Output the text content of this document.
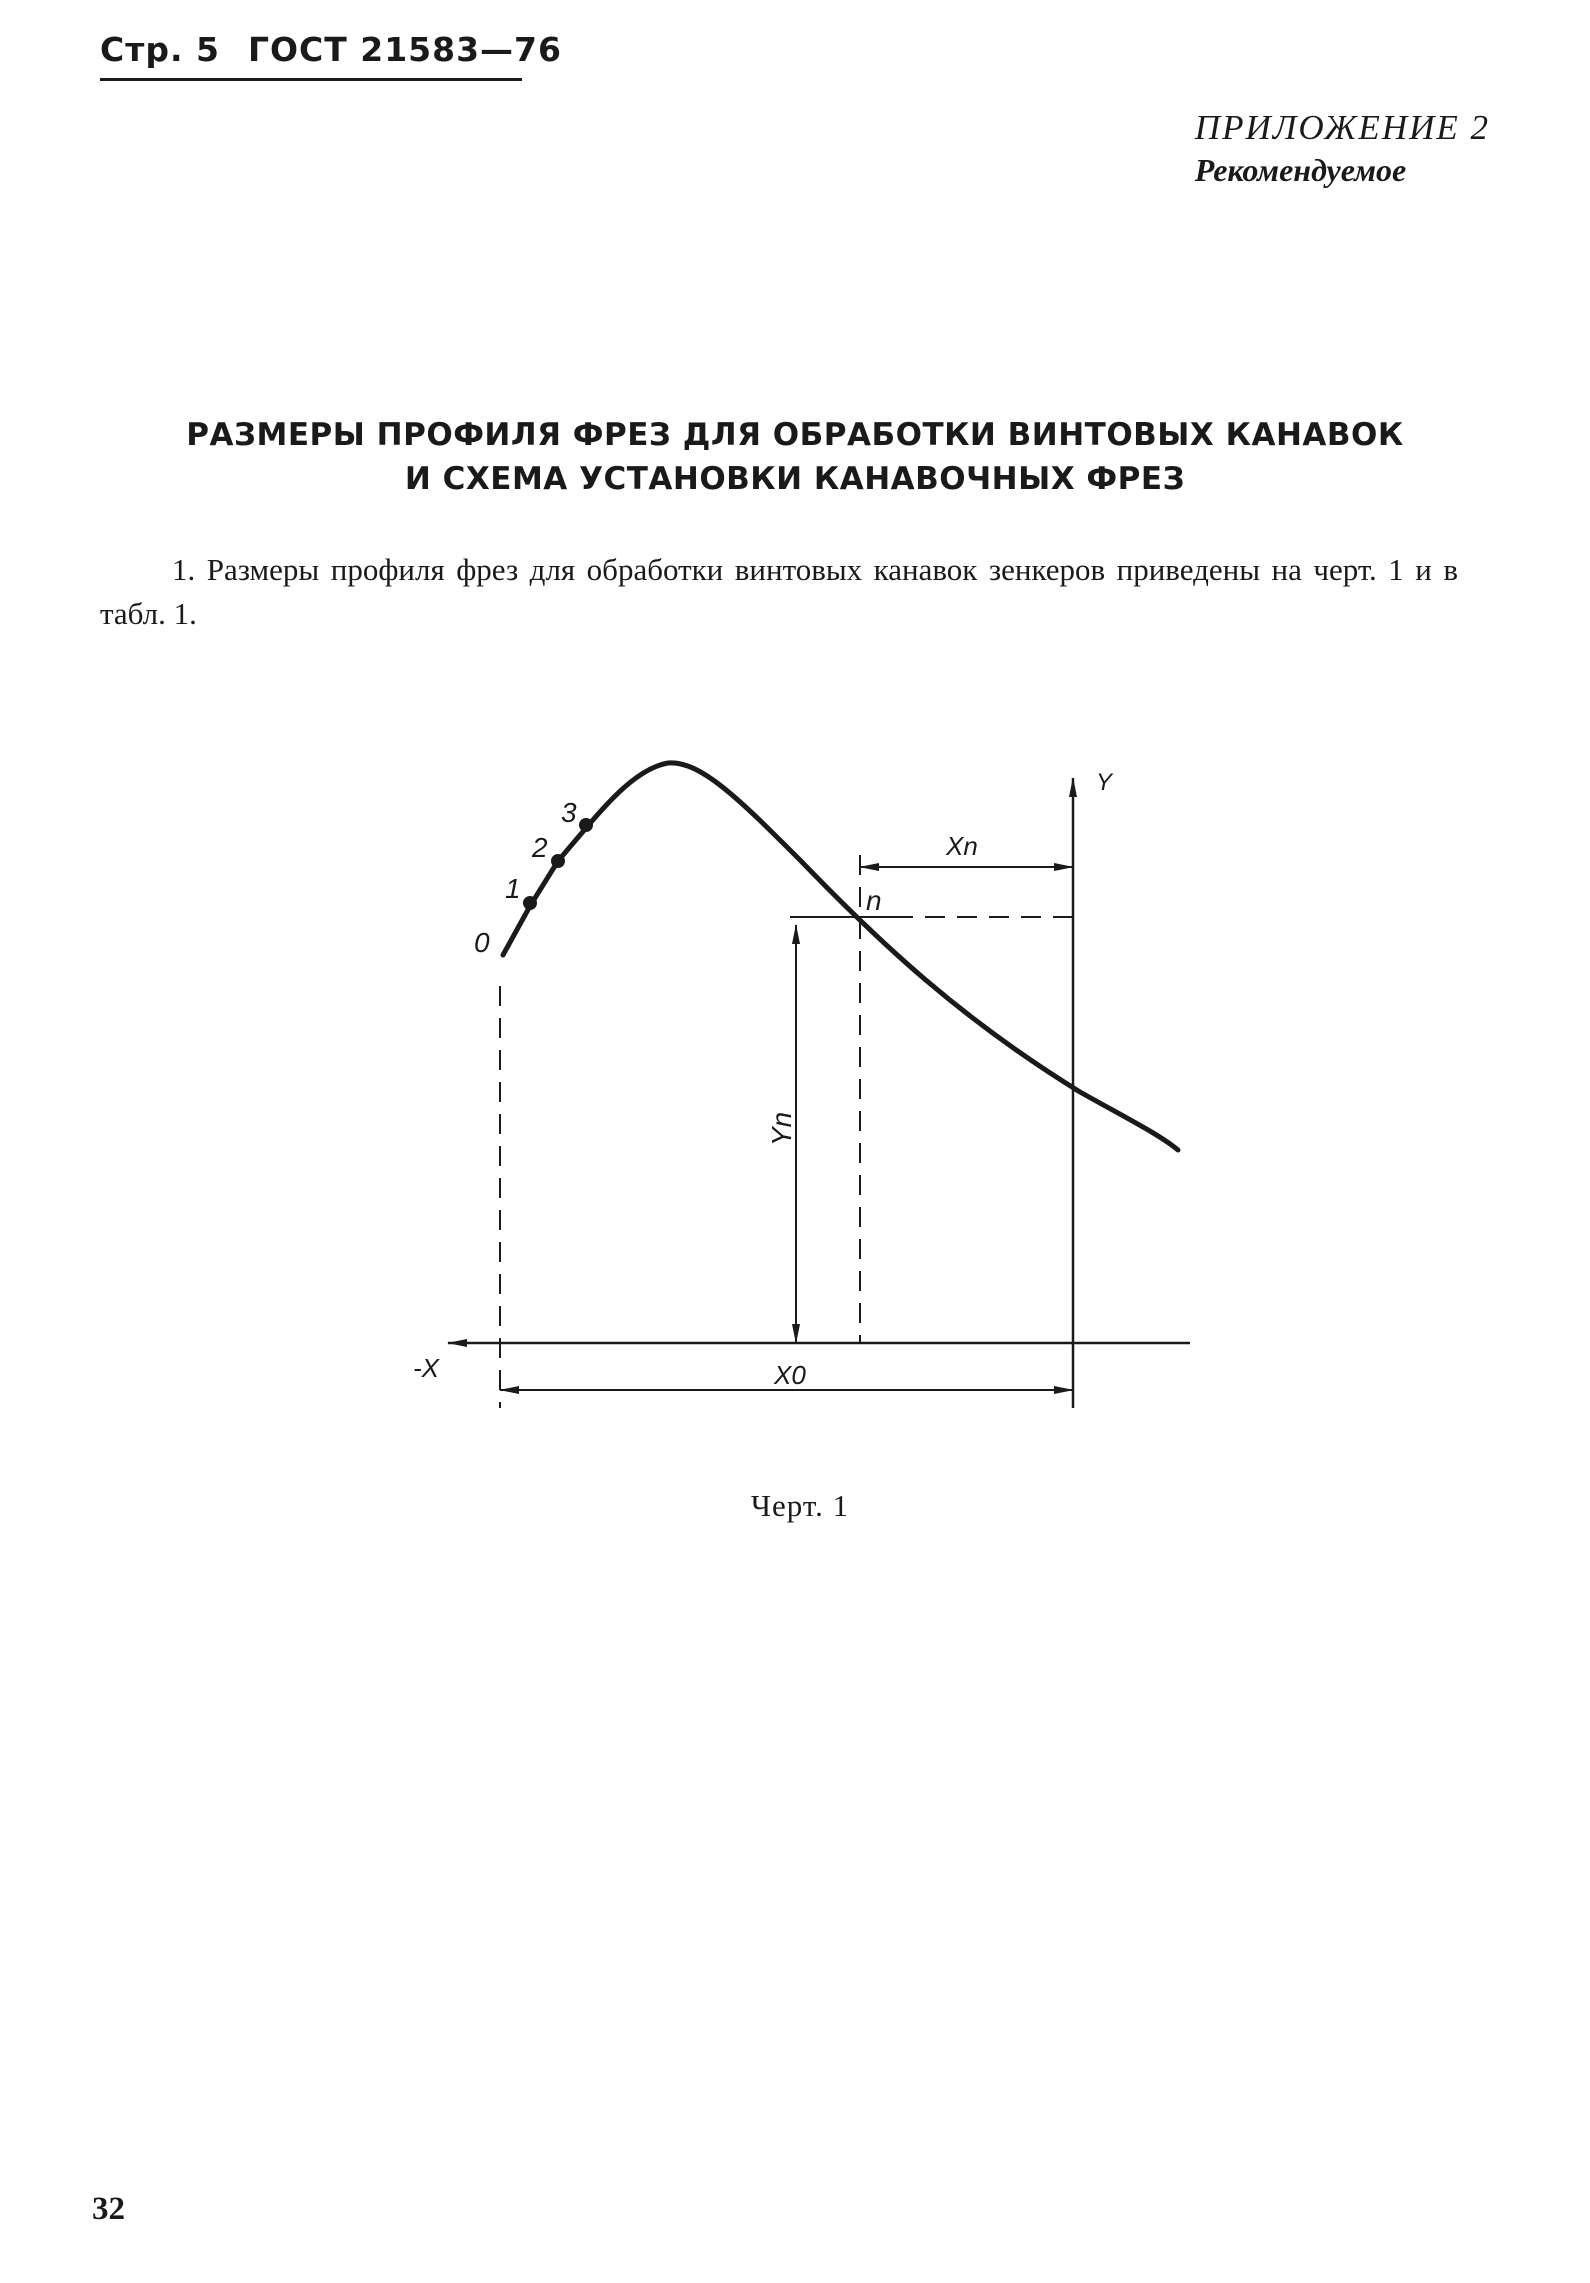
Стр. 5 ГОСТ 21583—76
ПРИЛОЖЕНИЕ 2
Рекомендуемое
РАЗМЕРЫ ПРОФИЛЯ ФРЕЗ ДЛЯ ОБРАБОТКИ ВИНТОВЫХ КАНАВОК
И СХЕМА УСТАНОВКИ КАНАВОЧНЫХ ФРЕЗ
1. Размеры профиля фрез для обработки винтовых канавок зенкеров приведены на черт. 1 и в табл. 1.
Y
-X
Xn
n
Yn
X0
0
1
2
3
Черт. 1
32
